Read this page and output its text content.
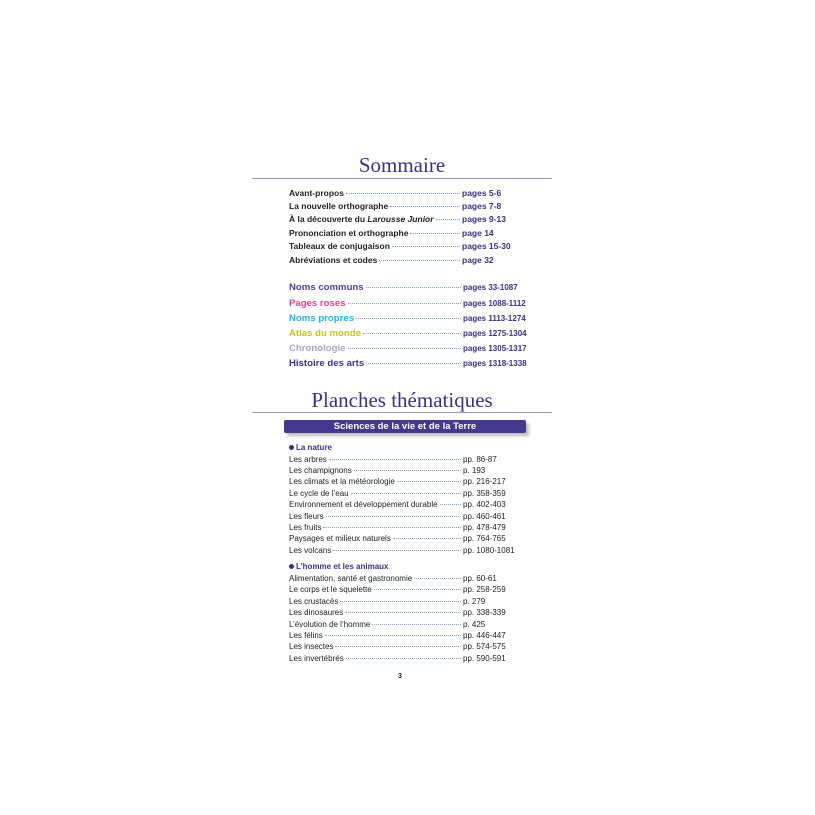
Sommaire
Avant-propos	pages 5-6
La nouvelle orthographe	pages 7-8
À la découverte du Larousse Junior	pages 9-13
Prononciation et orthographe	page 14
Tableaux de conjugaison	pages 15-30
Abréviations et codes	page 32
Noms communs	pages 33-1087
Pages roses	pages 1088-1112
Noms propres	pages 1113-1274
Atlas du monde	pages 1275-1304
Chronologie	pages 1305-1317
Histoire des arts	pages 1318-1338
Planches thématiques
Sciences de la vie et de la Terre
La nature
Les arbres	pp. 86-87
Les champignons	p. 193
Les climats et la météorologie	pp. 216-217
Le cycle de l’eau	pp. 358-359
Environnement et développement durable	pp. 402-403
Les fleurs	pp. 460-461
Les fruits	pp. 478-479
Paysages et milieux naturels	pp. 764-765
Les volcans	pp. 1080-1081
L’homme et les animaux
Alimentation, santé et gastronomie	pp. 60-61
Le corps et le squelette	pp. 258-259
Les crustacés	p. 279
Les dinosaures	pp. 338-339
L’évolution de l’homme	p. 425
Les félins	pp. 446-447
Les insectes	pp. 574-575
Les invertébrés	pp. 590-591
3
